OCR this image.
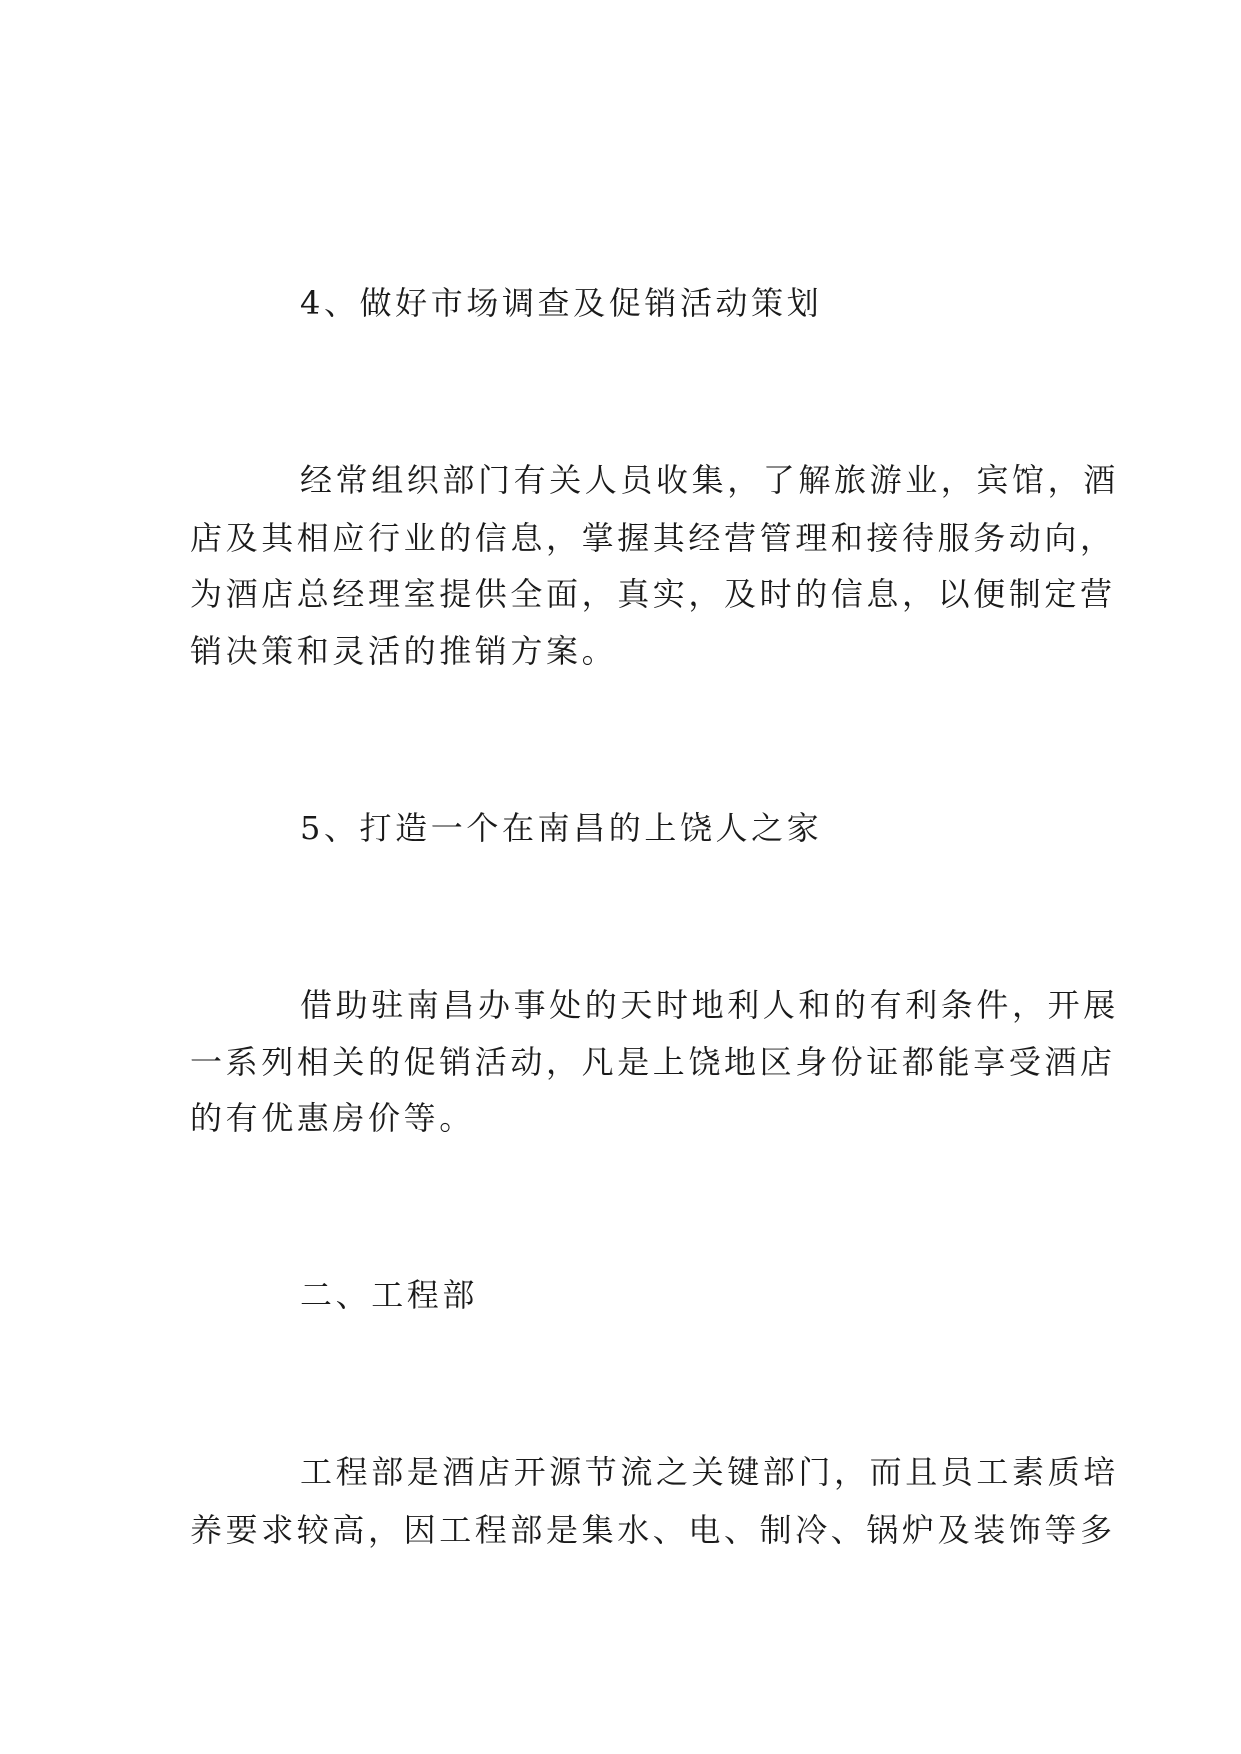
4、做好市场调查及促销活动策划
经常组织部门有关人员收集，了解旅游业，宾馆，酒
店及其相应行业的信息，掌握其经营管理和接待服务动向，
为酒店总经理室提供全面，真实，及时的信息，以便制定营
销决策和灵活的推销方案。
5、打造一个在南昌的上饶人之家
借助驻南昌办事处的天时地利人和的有利条件，开展
一系列相关的促销活动，凡是上饶地区身份证都能享受酒店
的有优惠房价等。
二、工程部
工程部是酒店开源节流之关键部门，而且员工素质培
养要求较高，因工程部是集水、电、制冷、锅炉及装饰等多
